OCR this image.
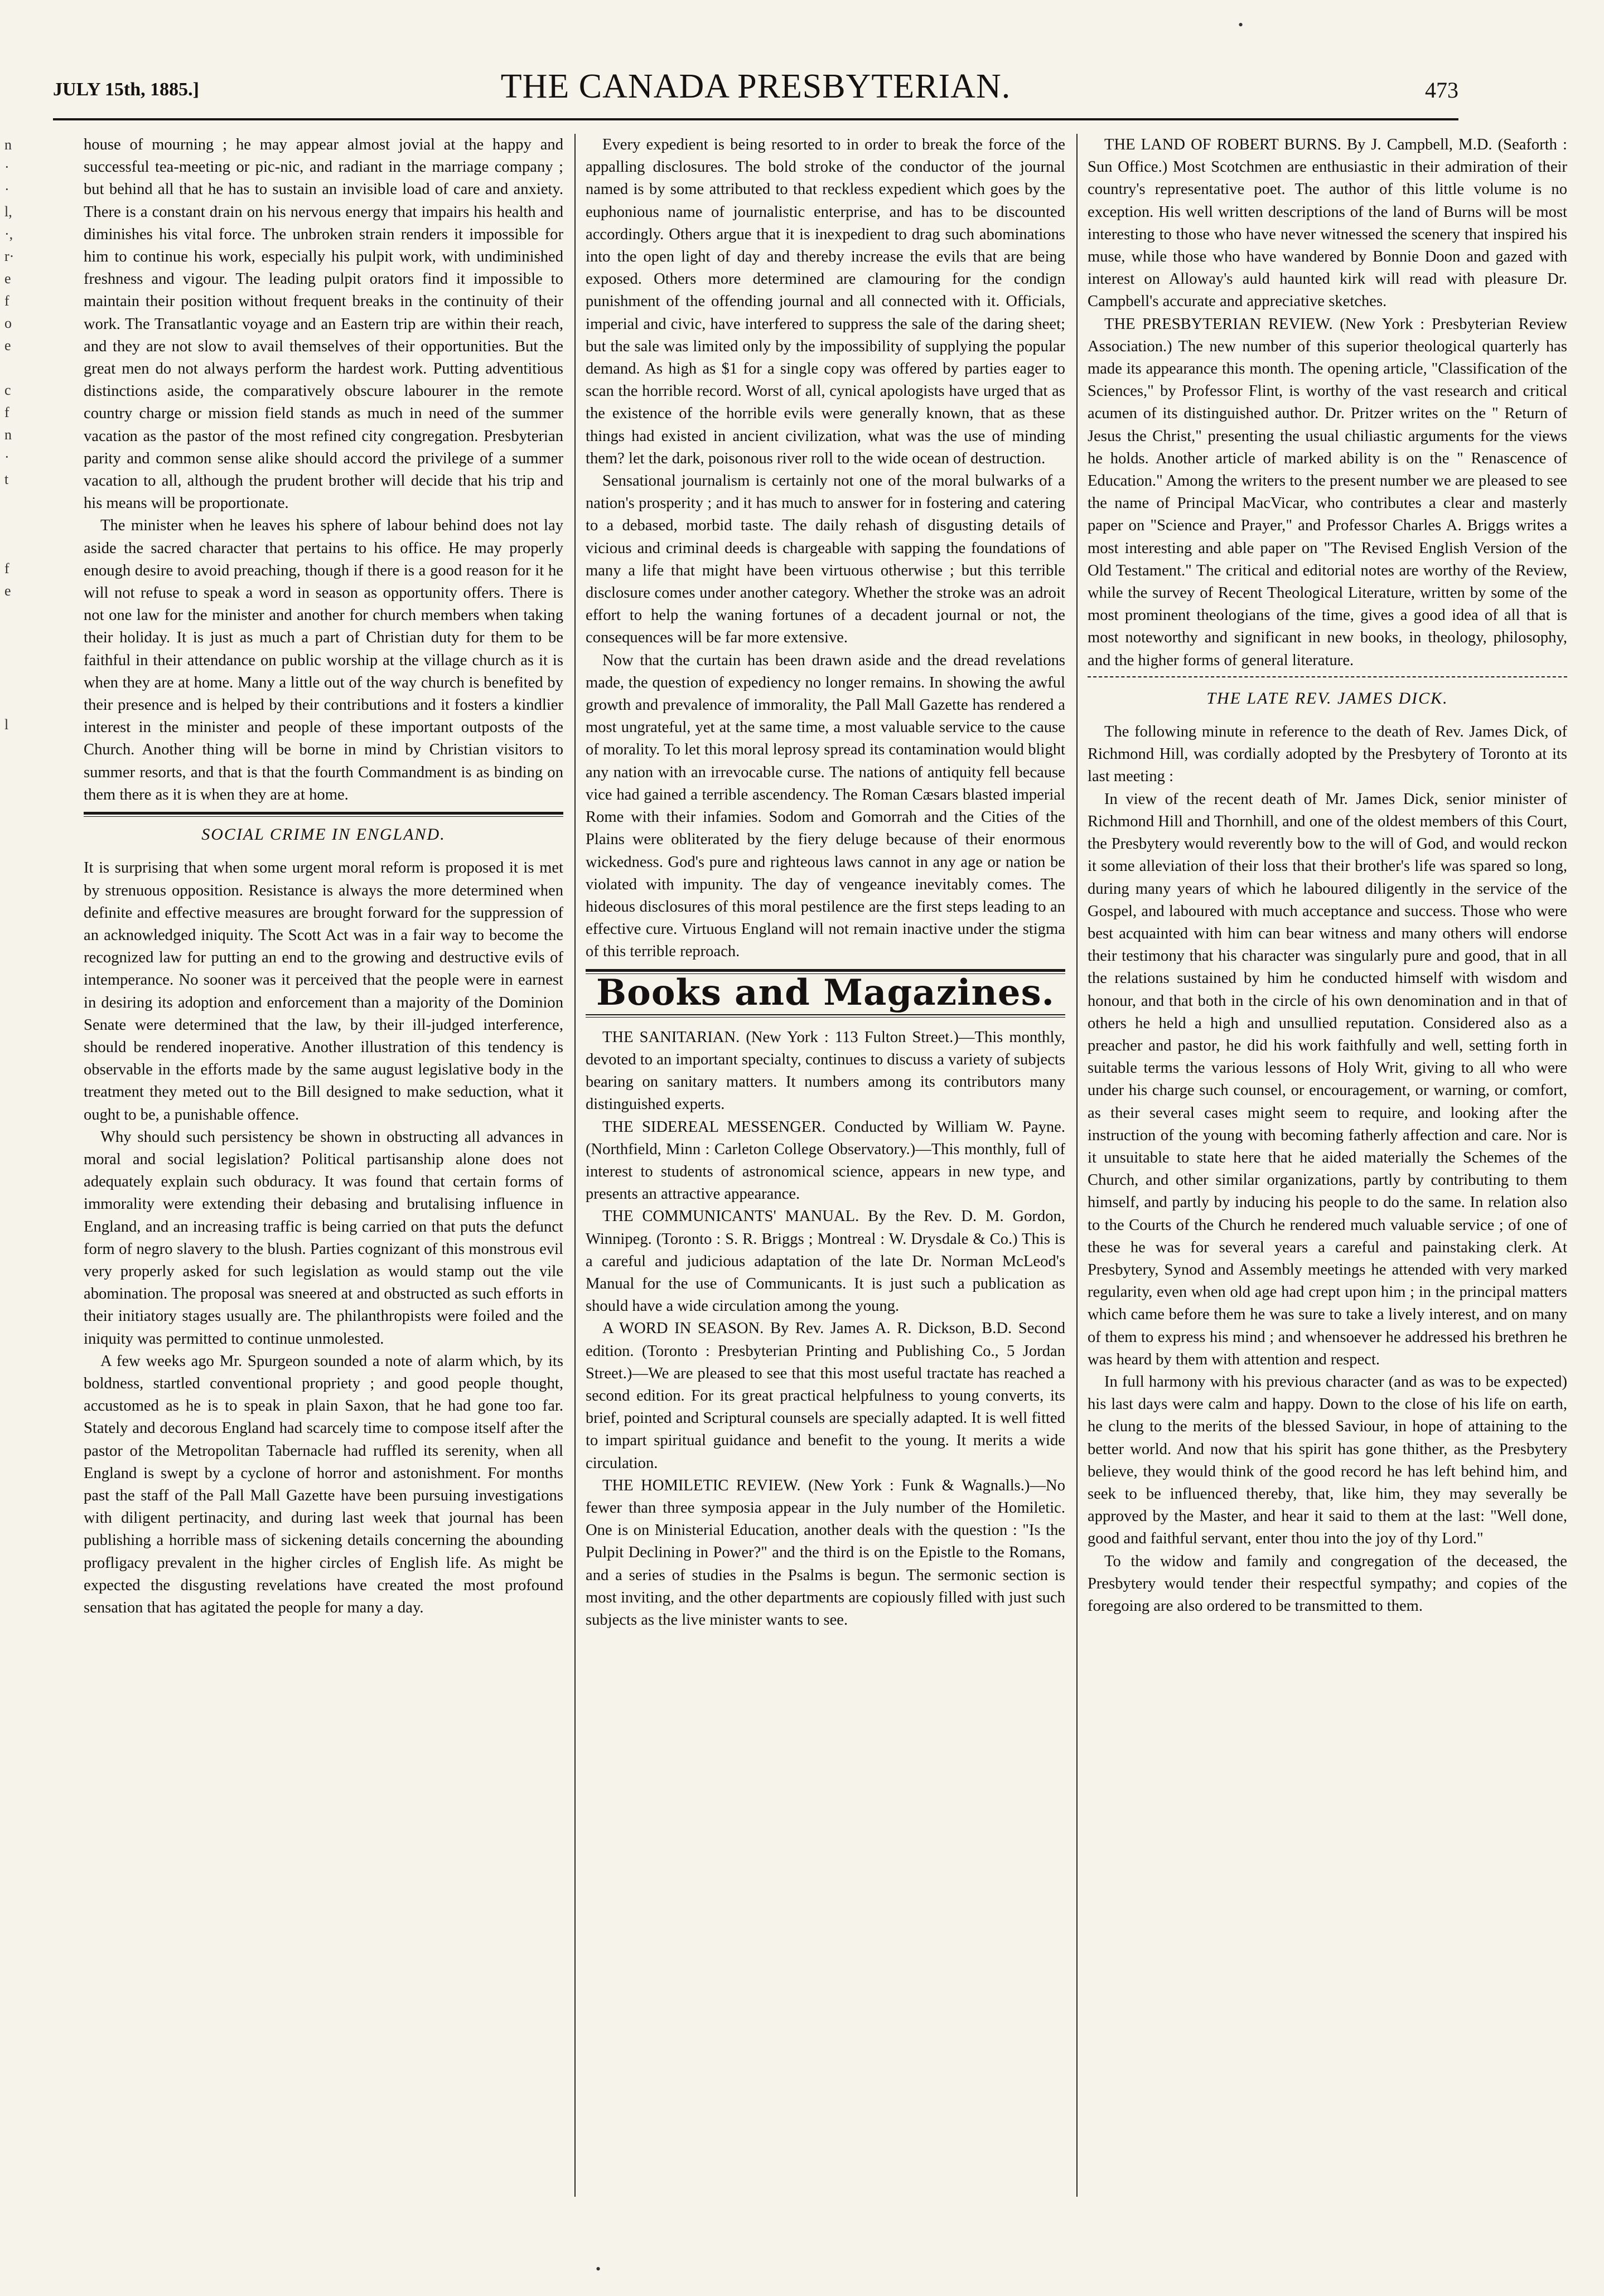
n
·
·
l,
·,
r·
e
f
o
e
c
f
n
·
t
f
e
l
JULY 15th, 1885.]	THE CANADA PRESBYTERIAN.	473

house of mourning ; he may appear almost jovial at the happy and successful tea-meeting or pic-nic, and radiant in the marriage company ; but behind all that he has to sustain an invisible load of care and anxiety. There is a constant drain on his nervous energy that impairs his health and diminishes his vital force. The unbroken strain renders it impossible for him to continue his work, especially his pulpit work, with undiminished freshness and vigour. The leading pulpit orators find it impossible to maintain their position without frequent breaks in the continuity of their work. The Transatlantic voyage and an Eastern trip are within their reach, and they are not slow to avail themselves of their opportunities. But the great men do not always perform the hardest work. Putting adventitious distinctions aside, the comparatively obscure labourer in the remote country charge or mission field stands as much in need of the summer vacation as the pastor of the most refined city congregation. Presbyterian parity and common sense alike should accord the privilege of a summer vacation to all, although the prudent brother will decide that his trip and his means will be proportionate.

The minister when he leaves his sphere of labour behind does not lay aside the sacred character that pertains to his office. He may properly enough desire to avoid preaching, though if there is a good reason for it he will not refuse to speak a word in season as opportunity offers. There is not one law for the minister and another for church members when taking their holiday. It is just as much a part of Christian duty for them to be faithful in their attendance on public worship at the village church as it is when they are at home. Many a little out of the way church is benefited by their presence and is helped by their contributions and it fosters a kindlier interest in the minister and people of these important outposts of the Church. Another thing will be borne in mind by Christian visitors to summer resorts, and that is that the fourth Commandment is as binding on them there as it is when they are at home.

SOCIAL CRIME IN ENGLAND.

It is surprising that when some urgent moral reform is proposed it is met by strenuous opposition. Resistance is always the more determined when definite and effective measures are brought forward for the suppression of an acknowledged iniquity. The Scott Act was in a fair way to become the recognized law for putting an end to the growing and destructive evils of intemperance. No sooner was it perceived that the people were in earnest in desiring its adoption and enforcement than a majority of the Dominion Senate were determined that the law, by their ill-judged interference, should be rendered inoperative. Another illustration of this tendency is observable in the efforts made by the same august legislative body in the treatment they meted out to the Bill designed to make seduction, what it ought to be, a punishable offence.

Why should such persistency be shown in obstructing all advances in moral and social legislation? Political partisanship alone does not adequately explain such obduracy. It was found that certain forms of immorality were extending their debasing and brutalising influence in England, and an increasing traffic is being carried on that puts the defunct form of negro slavery to the blush. Parties cognizant of this monstrous evil very properly asked for such legislation as would stamp out the vile abomination. The proposal was sneered at and obstructed as such efforts in their initiatory stages usually are. The philanthropists were foiled and the iniquity was permitted to continue unmolested.

A few weeks ago Mr. Spurgeon sounded a note of alarm which, by its boldness, startled conventional propriety ; and good people thought, accustomed as he is to speak in plain Saxon, that he had gone too far. Stately and decorous England had scarcely time to compose itself after the pastor of the Metropolitan Tabernacle had ruffled its serenity, when all England is swept by a cyclone of horror and astonishment. For months past the staff of the Pall Mall Gazette have been pursuing investigations with diligent pertinacity, and during last week that journal has been publishing a horrible mass of sickening details concerning the abounding profligacy prevalent in the higher circles of English life. As might be expected the disgusting revelations have created the most profound sensation that has agitated the people for many a day.

Every expedient is being resorted to in order to break the force of the appalling disclosures. The bold stroke of the conductor of the journal named is by some attributed to that reckless expedient which goes by the euphonious name of journalistic enterprise, and has to be discounted accordingly. Others argue that it is inexpedient to drag such abominations into the open light of day and thereby increase the evils that are being exposed. Others more determined are clamouring for the condign punishment of the offending journal and all connected with it. Officials, imperial and civic, have interfered to suppress the sale of the daring sheet; but the sale was limited only by the impossibility of supplying the popular demand. As high as $1 for a single copy was offered by parties eager to scan the horrible record. Worst of all, cynical apologists have urged that as the existence of the horrible evils were generally known, that as these things had existed in ancient civilization, what was the use of minding them? let the dark, poisonous river roll to the wide ocean of destruction.

Sensational journalism is certainly not one of the moral bulwarks of a nation's prosperity ; and it has much to answer for in fostering and catering to a debased, morbid taste. The daily rehash of disgusting details of vicious and criminal deeds is chargeable with sapping the foundations of many a life that might have been virtuous otherwise ; but this terrible disclosure comes under another category. Whether the stroke was an adroit effort to help the waning fortunes of a decadent journal or not, the consequences will be far more extensive.

Now that the curtain has been drawn aside and the dread revelations made, the question of expediency no longer remains. In showing the awful growth and prevalence of immorality, the Pall Mall Gazette has rendered a most ungrateful, yet at the same time, a most valuable service to the cause of morality. To let this moral leprosy spread its contamination would blight any nation with an irrevocable curse. The nations of antiquity fell because vice had gained a terrible ascendency. The Roman Cæsars blasted imperial Rome with their infamies. Sodom and Gomorrah and the Cities of the Plains were obliterated by the fiery deluge because of their enormous wickedness. God's pure and righteous laws cannot in any age or nation be violated with impunity. The day of vengeance inevitably comes. The hideous disclosures of this moral pestilence are the first steps leading to an effective cure. Virtuous England will not remain inactive under the stigma of this terrible reproach.

Books and Magazines.

THE SANITARIAN. (New York : 113 Fulton Street.)—This monthly, devoted to an important specialty, continues to discuss a variety of subjects bearing on sanitary matters. It numbers among its contributors many distinguished experts.

THE SIDEREAL MESSENGER. Conducted by William W. Payne. (Northfield, Minn : Carleton College Observatory.)—This monthly, full of interest to students of astronomical science, appears in new type, and presents an attractive appearance.

THE COMMUNICANTS' MANUAL. By the Rev. D. M. Gordon, Winnipeg. (Toronto : S. R. Briggs ; Montreal : W. Drysdale & Co.) This is a careful and judicious adaptation of the late Dr. Norman McLeod's Manual for the use of Communicants. It is just such a publication as should have a wide circulation among the young.

A WORD IN SEASON. By Rev. James A. R. Dickson, B.D. Second edition. (Toronto : Presbyterian Printing and Publishing Co., 5 Jordan Street.)—We are pleased to see that this most useful tractate has reached a second edition. For its great practical helpfulness to young converts, its brief, pointed and Scriptural counsels are specially adapted. It is well fitted to impart spiritual guidance and benefit to the young. It merits a wide circulation.

THE HOMILETIC REVIEW. (New York : Funk & Wagnalls.)—No fewer than three symposia appear in the July number of the Homiletic. One is on Ministerial Education, another deals with the question : "Is the Pulpit Declining in Power?" and the third is on the Epistle to the Romans, and a series of studies in the Psalms is begun. The sermonic section is most inviting, and the other departments are copiously filled with just such subjects as the live minister wants to see.

THE LAND OF ROBERT BURNS. By J. Campbell, M.D. (Seaforth : Sun Office.) Most Scotchmen are enthusiastic in their admiration of their country's representative poet. The author of this little volume is no exception. His well written descriptions of the land of Burns will be most interesting to those who have never witnessed the scenery that inspired his muse, while those who have wandered by Bonnie Doon and gazed with interest on Alloway's auld haunted kirk will read with pleasure Dr. Campbell's accurate and appreciative sketches.

THE PRESBYTERIAN REVIEW. (New York : Presbyterian Review Association.) The new number of this superior theological quarterly has made its appearance this month. The opening article, "Classification of the Sciences," by Professor Flint, is worthy of the vast research and critical acumen of its distinguished author. Dr. Pritzer writes on the " Return of Jesus the Christ," presenting the usual chiliastic arguments for the views he holds. Another article of marked ability is on the " Renascence of Education." Among the writers to the present number we are pleased to see the name of Principal MacVicar, who contributes a clear and masterly paper on "Science and Prayer," and Professor Charles A. Briggs writes a most interesting and able paper on "The Revised English Version of the Old Testament." The critical and editorial notes are worthy of the Review, while the survey of Recent Theological Literature, written by some of the most prominent theologians of the time, gives a good idea of all that is most noteworthy and significant in new books, in theology, philosophy, and the higher forms of general literature.

THE LATE REV. JAMES DICK.

The following minute in reference to the death of Rev. James Dick, of Richmond Hill, was cordially adopted by the Presbytery of Toronto at its last meeting :

In view of the recent death of Mr. James Dick, senior minister of Richmond Hill and Thornhill, and one of the oldest members of this Court, the Presbytery would reverently bow to the will of God, and would reckon it some alleviation of their loss that their brother's life was spared so long, during many years of which he laboured diligently in the service of the Gospel, and laboured with much acceptance and success. Those who were best acquainted with him can bear witness and many others will endorse their testimony that his character was singularly pure and good, that in all the relations sustained by him he conducted himself with wisdom and honour, and that both in the circle of his own denomination and in that of others he held a high and unsullied reputation. Considered also as a preacher and pastor, he did his work faithfully and well, setting forth in suitable terms the various lessons of Holy Writ, giving to all who were under his charge such counsel, or encouragement, or warning, or comfort, as their several cases might seem to require, and looking after the instruction of the young with becoming fatherly affection and care. Nor is it unsuitable to state here that he aided materially the Schemes of the Church, and other similar organizations, partly by contributing to them himself, and partly by inducing his people to do the same. In relation also to the Courts of the Church he rendered much valuable service ; of one of these he was for several years a careful and painstaking clerk. At Presbytery, Synod and Assembly meetings he attended with very marked regularity, even when old age had crept upon him ; in the principal matters which came before them he was sure to take a lively interest, and on many of them to express his mind ; and whensoever he addressed his brethren he was heard by them with attention and respect.

In full harmony with his previous character (and as was to be expected) his last days were calm and happy. Down to the close of his life on earth, he clung to the merits of the blessed Saviour, in hope of attaining to the better world. And now that his spirit has gone thither, as the Presbytery believe, they would think of the good record he has left behind him, and seek to be influenced thereby, that, like him, they may severally be approved by the Master, and hear it said to them at the last: "Well done, good and faithful servant, enter thou into the joy of thy Lord."

To the widow and family and congregation of the deceased, the Presbytery would tender their respectful sympathy; and copies of the foregoing are also ordered to be transmitted to them.

•
•
